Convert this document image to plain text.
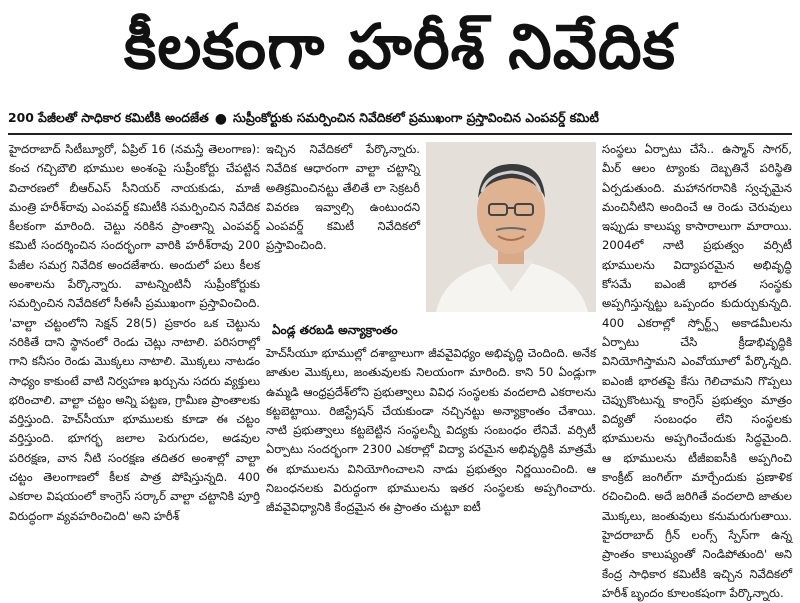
కీలకంగా హరీశ్ నివేదిక
200 పేజీలతో సాధికార కమిటీకి అందజేత ● సుప్రీంకోర్టుకు సమర్పించిన నివేదికలో ప్రముఖంగా ప్రస్తావించిన ఎంపవర్డ్ కమిటీ

హైదరాబాద్ సిటీబ్యూరో, ఏప్రిల్ 16 (నమస్తే తెలంగాణ): కంచ గచ్చిబౌలి భూముల అంశంపై సుప్రీంకోర్టు చేపట్టిన విచారణలో బీఆర్ఎస్ సీనియర్ నాయకుడు, మాజీ మంత్రి హరీశ్‌రావు ఎంపవర్డ్ కమిటీకి సమర్పించిన నివేదిక కీలకంగా మారింది. చెట్టు నరికిన ప్రాంతాన్ని ఎంపవర్డ్ కమిటీ సందర్శించిన సందర్భంగా వారికి హరీశ్‌రావు 200 పేజీల సమగ్ర నివేదిక అందజేశారు. అందులో పలు కీలక అంశాలను పేర్కొన్నారు. వాటన్నింటినీ సుప్రీంకోర్టుకు సమర్పించిన నివేదికలో సీఈసీ ప్రముఖంగా ప్రస్తావించింది. 'వాల్టా చట్టంలోని సెక్షన్ 28(5) ప్రకారం ఒక చెట్టును నరికితే దాని స్థానంలో రెండు చెట్లు నాటాలి. పరిసరాల్లో గాని కనీసం రెండు మొక్కలు నాటాలి. మొక్కలు నాటడం సాధ్యం కాకుంటే వాటి నిర్వహణ ఖర్చును సదరు వ్యక్తులు భరించాలి. వాల్టా చట్టం అన్ని పట్టణ, గ్రామీణ ప్రాంతాలకు వర్తిస్తుంది. హెచ్‌సీయూ భూములకు కూడా ఈ చట్టం వర్తిస్తుంది. భూగర్భ జలాల పెరుగుదల, అడవుల పరిరక్షణ, వాన నీటి సంరక్షణ తదితర అంశాల్లో వాల్టా చట్టం తెలంగాణలో కీలక పాత్ర పోషిస్తున్నది. 400 ఎకరాల విషయంలో కాంగ్రెస్ సర్కార్ వాల్టా చట్టానికి పూర్తి విరుద్ధంగా వ్యవహరించింది' అని హరీశ్

ఇచ్చిన నివేదికలో పేర్కొన్నారు. నివేదిక ఆధారంగా వాల్టా చట్టాన్ని అతిక్రమించినట్టు తేలితే లా సెక్రటరీ వివరణ ఇవ్వాల్సి ఉంటుందని ఎంపవర్డ్ కమిటీ నివేదికలో ప్రస్తావించింది.

ఏండ్ల తరబడి అన్యాక్రాంతం

హెచ్‌సీయూ భూముల్లో దశాబ్దాలుగా జీవవైవిధ్యం అభివృద్ధి చెందింది. అనేక జాతుల మొక్కలు, జంతువులకు నిలయంగా మారింది. కాని 50 ఏండ్లుగా ఉమ్మడి ఆంధ్రప్రదేశ్‌లోని ప్రభుత్వాలు వివిధ సంస్థలకు వందలాది ఎకరాలను కట్టబెట్టాయి. రిజిస్ట్రేషన్ చేయకుండా నచ్చినట్టు అన్యాక్రాంతం చేశాయి. నాటి ప్రభుత్వాలు కట్టబెట్టిన సంస్థలన్నీ విద్యకు సంబంధం లేనివే. వర్సిటీ ఏర్పాటు సందర్భంగా 2300 ఎకరాల్లో విద్యా పరమైన అభివృద్ధికి మాత్రమే ఈ భూములను వినియోగించాలని నాడు ప్రభుత్వం నిర్ణయించింది. ఆ నిబంధనలకు విరుద్ధంగా భూములను ఇతర సంస్థలకు అప్పగించారు. జీవవైవిధ్యానికి కేంద్రమైన ఈ ప్రాంతం చుట్టూ ఐటీ

సంస్థలు ఏర్పాటు చేసే.. ఉస్మాన్ సాగర్, మీర్ ఆలం ట్యాంకు దెబ్బతినే పరిస్థితి ఏర్పడుతుంది. మహానగరానికి స్వచ్ఛమైన మంచినీటిని అందించే ఆ రెండు చెరువులు ఇప్పుడు కాలుష్య కాసారాలుగా మారాయి. 2004లో నాటి ప్రభుత్వం వర్సిటీ భూములను విద్యాపరమైన అభివృద్ధి కోసమే ఐఎంజీ భారత సంస్థకు అప్పగిస్తున్నట్టు ఒప్పందం కుదుర్చుకున్నది. 400 ఎకరాల్లో స్పోర్ట్స్ అకాడమీలను ఏర్పాటు చేసి క్రీడాభివృద్ధికి వినియోగిస్తామని ఎంవోయూలో పేర్కొన్నది. ఐఎంజీ భారతపై కేసు గెలిచామని గొప్పలు చెప్పుకొంటున్న కాంగ్రెస్ ప్రభుత్వం మాత్రం విద్యతో సంబంధం లేని సంస్థలకు భూములను అప్పగించేందుకు సిద్ధమైంది. ఆ భూములను టీజీఐఐసీకి అప్పగించి కాంక్రీట్ జంగిల్‌గా మార్చేందుకు ప్రణాళిక రచించింది. అదే జరిగితే వందలాది జాతుల మొక్కలు, జంతువులు కనుమరుగుతాయి. హైదరాబాద్ గ్రీన్ లంగ్స్ స్పేస్‌గా ఉన్న ప్రాంతం కాలుష్యంతో నిండిపోతుంది' అని కేంద్ర సాధికార కమిటీకి ఇచ్చిన నివేదికలో హరీశ్ బృందం కూలంకషంగా పేర్కొన్నారు.
